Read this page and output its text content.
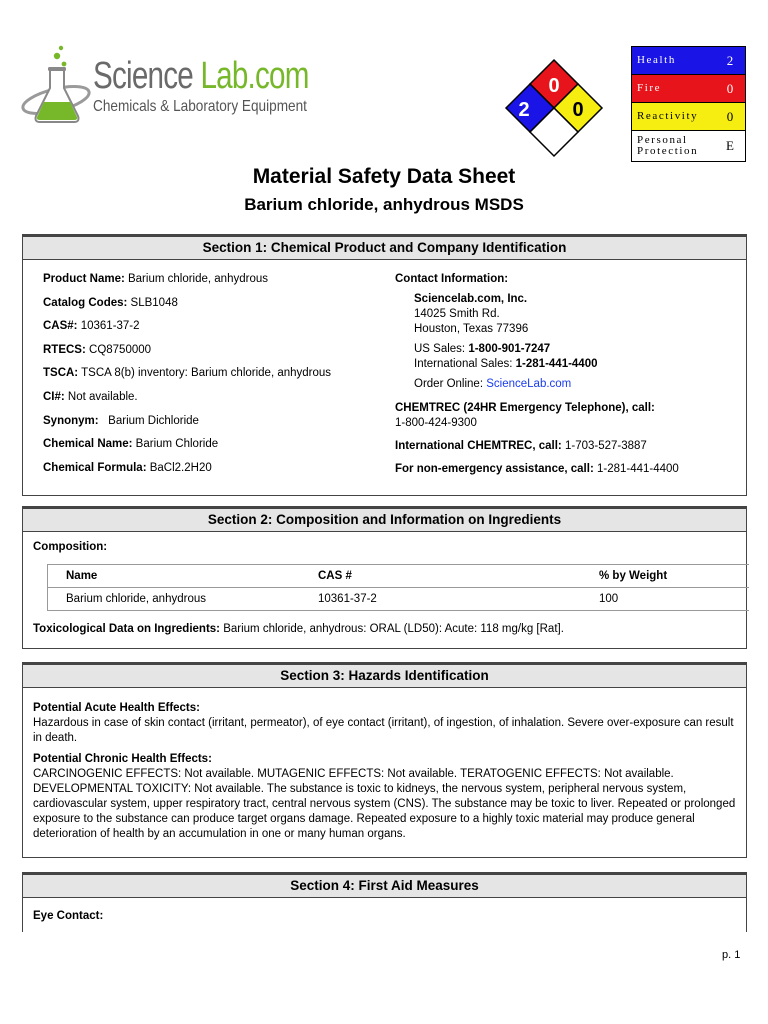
Science Lab.com
Chemicals & Laboratory Equipment
0
2 0
Health	2
Fire	0
Reactivity	0
Personal Protection	E
Material Safety Data Sheet
Barium chloride, anhydrous MSDS
Section 1: Chemical Product and Company Identification
Product Name: Barium chloride, anhydrous
Catalog Codes: SLB1048
CAS#: 10361-37-2
RTECS: CQ8750000
TSCA: TSCA 8(b) inventory: Barium chloride, anhydrous
CI#: Not available.
Synonym:   Barium Dichloride
Chemical Name: Barium Chloride
Chemical Formula: BaCl2.2H20
Contact Information:
Sciencelab.com, Inc.
14025 Smith Rd.
Houston, Texas 77396
US Sales: 1-800-901-7247
International Sales: 1-281-441-4400
Order Online: ScienceLab.com
CHEMTREC (24HR Emergency Telephone), call:
1-800-424-9300
International CHEMTREC, call: 1-703-527-3887
For non-emergency assistance, call: 1-281-441-4400
Section 2: Composition and Information on Ingredients
Composition:
Name	CAS #	% by Weight
Barium chloride, anhydrous	10361-37-2	100
Toxicological Data on Ingredients: Barium chloride, anhydrous: ORAL (LD50): Acute: 118 mg/kg [Rat].
Section 3: Hazards Identification
Potential Acute Health Effects:
Hazardous in case of skin contact (irritant, permeator), of eye contact (irritant), of ingestion, of inhalation. Severe over-exposure can result in death.
Potential Chronic Health Effects:
CARCINOGENIC EFFECTS: Not available. MUTAGENIC EFFECTS: Not available. TERATOGENIC EFFECTS: Not available. DEVELOPMENTAL TOXICITY: Not available. The substance is toxic to kidneys, the nervous system, peripheral nervous system, cardiovascular system, upper respiratory tract, central nervous system (CNS). The substance may be toxic to liver. Repeated or prolonged exposure to the substance can produce target organs damage. Repeated exposure to a highly toxic material may produce general deterioration of health by an accumulation in one or many human organs.
Section 4: First Aid Measures
Eye Contact:
p. 1
